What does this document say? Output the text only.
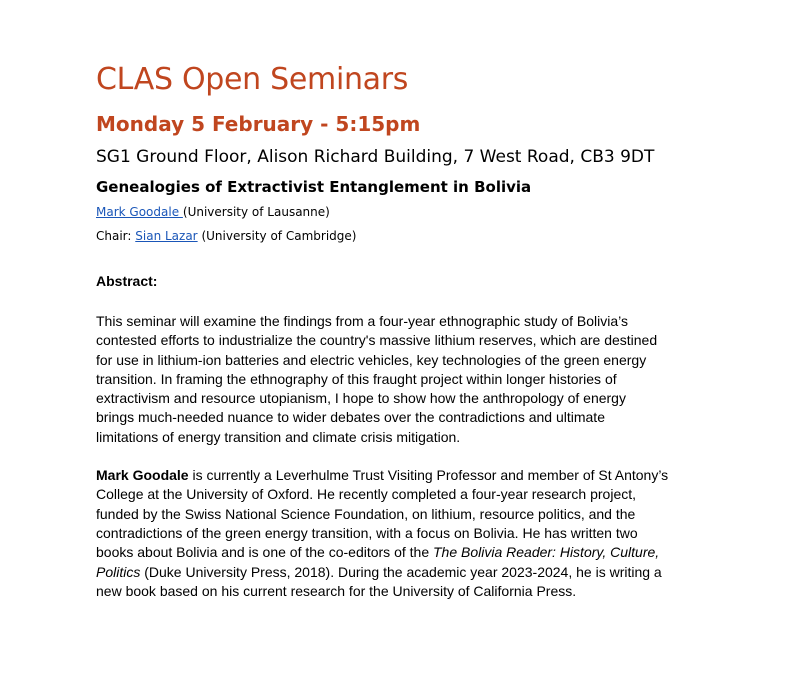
CLAS Open Seminars
Monday 5 February - 5:15pm
SG1 Ground Floor, Alison Richard Building, 7 West Road, CB3 9DT
Genealogies of Extractivist Entanglement in Bolivia
Mark Goodale (University of Lausanne)
Chair: Sian Lazar (University of Cambridge)
Abstract:
This seminar will examine the findings from a four-year ethnographic study of Bolivia’s
contested efforts to industrialize the country's massive lithium reserves, which are destined
for use in lithium-ion batteries and electric vehicles, key technologies of the green energy
transition. In framing the ethnography of this fraught project within longer histories of
extractivism and resource utopianism, I hope to show how the anthropology of energy
brings much-needed nuance to wider debates over the contradictions and ultimate
limitations of energy transition and climate crisis mitigation.
Mark Goodale is currently a Leverhulme Trust Visiting Professor and member of St Antony’s
College at the University of Oxford. He recently completed a four-year research project,
funded by the Swiss National Science Foundation, on lithium, resource politics, and the
contradictions of the green energy transition, with a focus on Bolivia. He has written two
books about Bolivia and is one of the co-editors of the The Bolivia Reader: History, Culture,
Politics (Duke University Press, 2018). During the academic year 2023-2024, he is writing a
new book based on his current research for the University of California Press.
